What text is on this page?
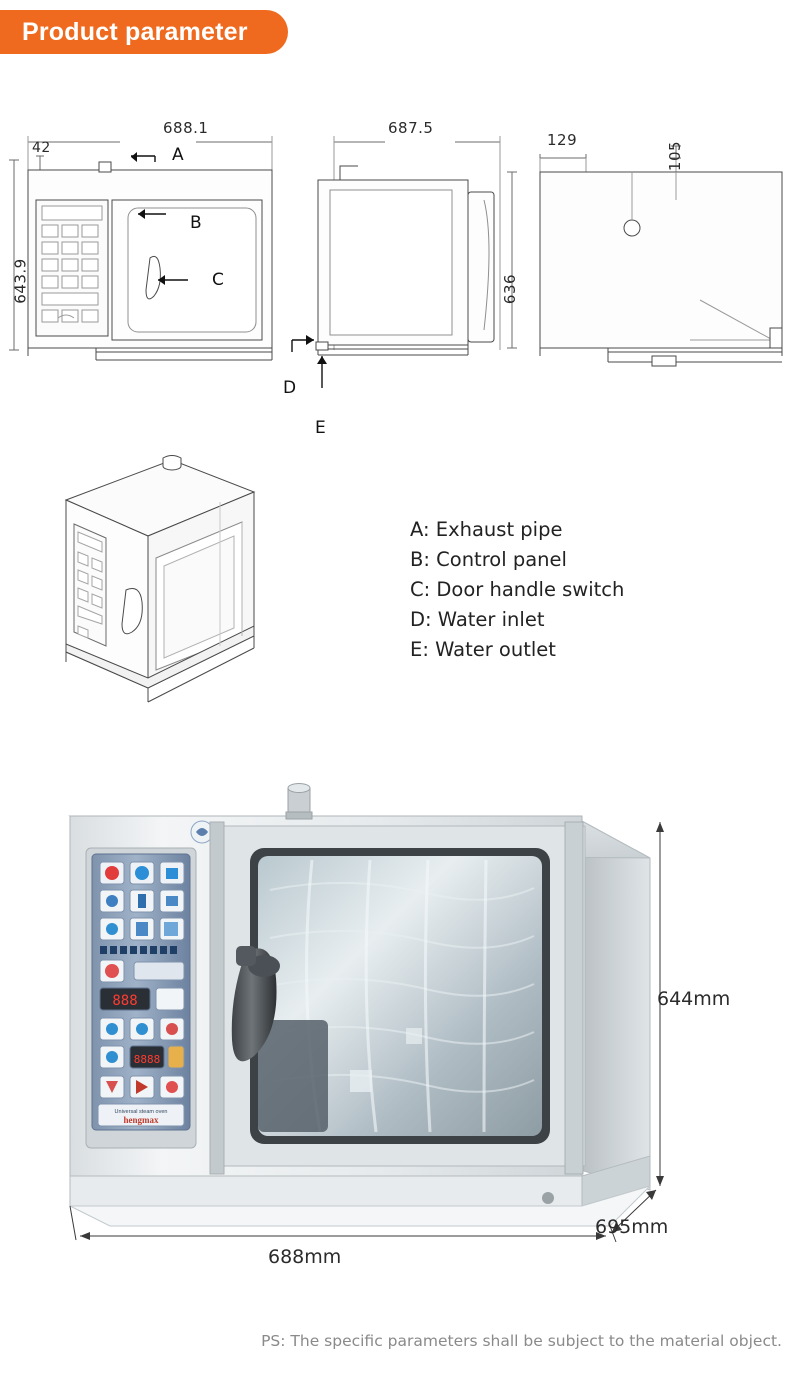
Product parameter
688.1
42
643.9
687.5
129
105
636
A
B
C
D
E
A: Exhaust pipe
B: Control panel
C: Door handle switch
D: Water inlet
E: Water outlet
888
8888
Universal steam oven
hengmax
644mm
695mm
688mm
PS: The specific parameters shall be subject to the material object.
